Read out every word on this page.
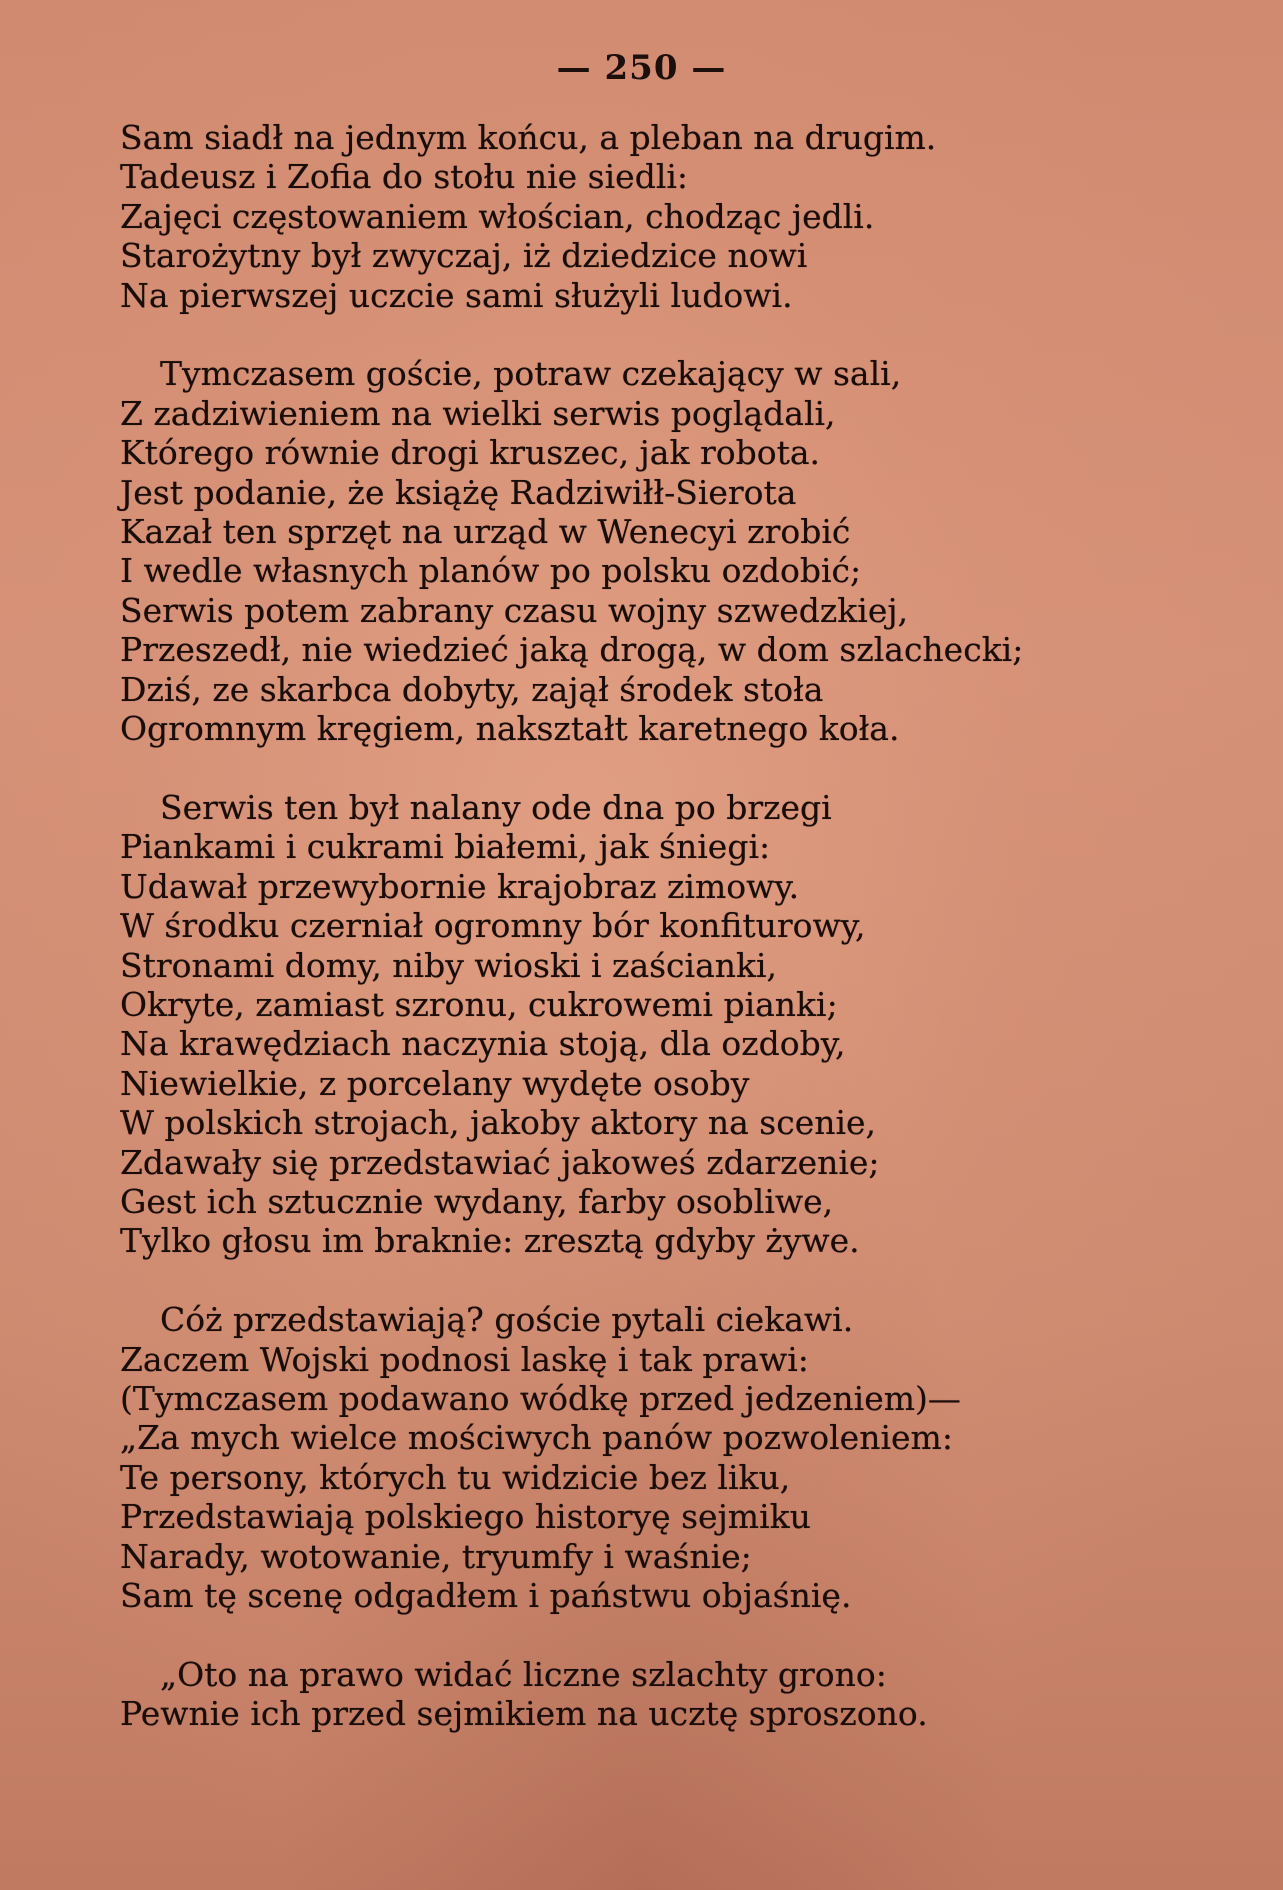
— 250 —
Sam siadł na jednym końcu, a pleban na drugim.
Tadeusz i Zofia do stołu nie siedli:
Zajęci częstowaniem włościan, chodząc jedli.
Starożytny był zwyczaj, iż dziedzice nowi
Na pierwszej uczcie sami służyli ludowi.
Tymczasem goście, potraw czekający w sali,
Z zadziwieniem na wielki serwis poglądali,
Którego równie drogi kruszec, jak robota.
Jest podanie, że książę Radziwiłł-Sierota
Kazał ten sprzęt na urząd w Wenecyi zrobić
I wedle własnych planów po polsku ozdobić;
Serwis potem zabrany czasu wojny szwedzkiej,
Przeszedł, nie wiedzieć jaką drogą, w dom szlachecki;
Dziś, ze skarbca dobyty, zajął środek stoła
Ogromnym kręgiem, nakształt karetnego koła.
Serwis ten był nalany ode dna po brzegi
Piankami i cukrami białemi, jak śniegi:
Udawał przewybornie krajobraz zimowy.
W środku czerniał ogromny bór konfiturowy,
Stronami domy, niby wioski i zaścianki,
Okryte, zamiast szronu, cukrowemi pianki;
Na krawędziach naczynia stoją, dla ozdoby,
Niewielkie, z porcelany wydęte osoby
W polskich strojach, jakoby aktory na scenie,
Zdawały się przedstawiać jakoweś zdarzenie;
Gest ich sztucznie wydany, farby osobliwe,
Tylko głosu im braknie: zresztą gdyby żywe.
Cóż przedstawiają? goście pytali ciekawi.
Zaczem Wojski podnosi laskę i tak prawi:
(Tymczasem podawano wódkę przed jedzeniem)—
„Za mych wielce mościwych panów pozwoleniem:
Te persony, których tu widzicie bez liku,
Przedstawiają polskiego historyę sejmiku
Narady, wotowanie, tryumfy i waśnie;
Sam tę scenę odgadłem i państwu objaśnię.
„Oto na prawo widać liczne szlachty grono:
Pewnie ich przed sejmikiem na ucztę sproszono.
